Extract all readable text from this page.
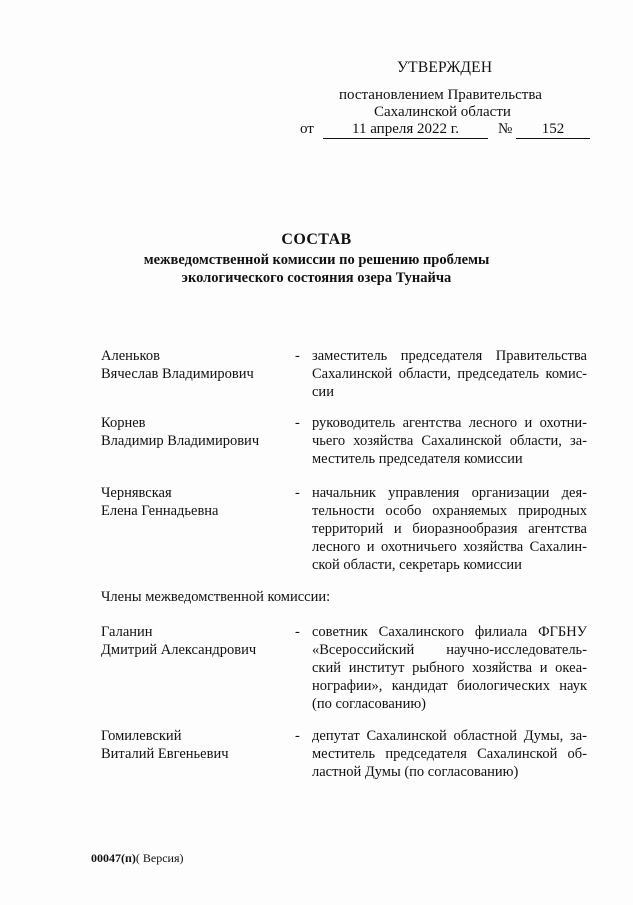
УТВЕРЖДЕН
постановлением Правительства
Сахалинской области
от	11 апреля 2022 г.	№	152
СОСТАВ
межведомственной комиссии по решению проблемы
экологического состояния озера Тунайча
Аленьков
Вячеслав Владимирович
- заместитель председателя Правительства
Сахалинской области, председатель комис-
сии
Корнев
Владимир Владимирович
- руководитель агентства лесного и охотни-
чьего хозяйства Сахалинской области, за-
меститель председателя комиссии
Чернявская
Елена Геннадьевна
- начальник управления организации дея-
тельности особо охраняемых природных
территорий и биоразнообразия агентства
лесного и охотничьего хозяйства Сахалин-
ской области, секретарь комиссии
Члены межведомственной комиссии:
Галанин
Дмитрий Александрович
- советник Сахалинского филиала ФГБНУ
«Всероссийский научно-исследователь-
ский институт рыбного хозяйства и океа-
нографии», кандидат биологических наук
(по согласованию)
Гомилевский
Виталий Евгеньевич
- депутат Сахалинской областной Думы, за-
меститель председателя Сахалинской об-
ластной Думы (по согласованию)
00047(п)( Версия)
